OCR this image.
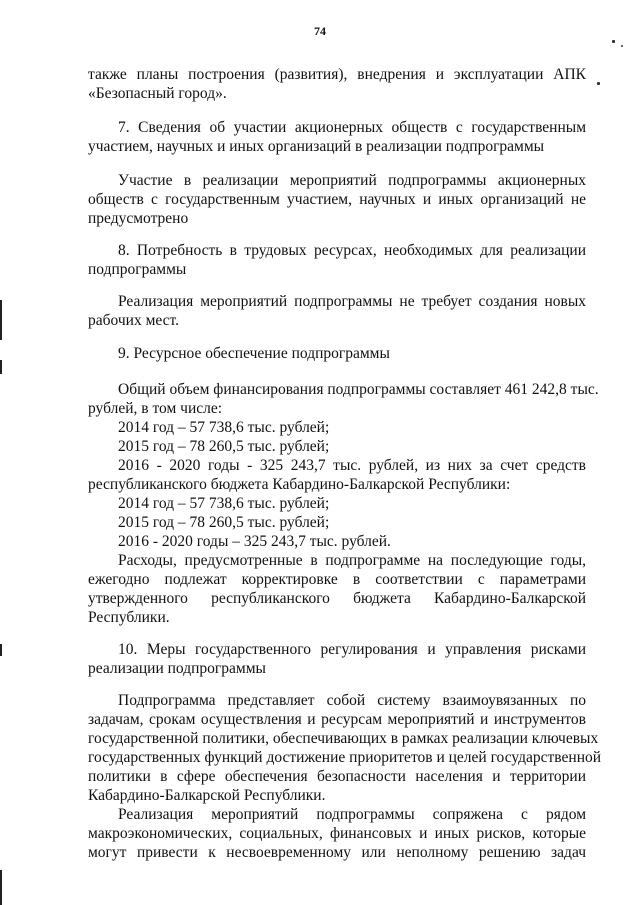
74
также планы построения (развития), внедрения и эксплуатации АПК
«Безопасный город».
7. Сведения об участии акционерных обществ с государственным
участием, научных и иных организаций в реализации подпрограммы
Участие в реализации мероприятий подпрограммы акционерных
обществ с государственным участием, научных и иных организаций не
предусмотрено
8. Потребность в трудовых ресурсах, необходимых для реализации
подпрограммы
Реализация мероприятий подпрограммы не требует создания новых
рабочих мест.
9. Ресурсное обеспечение подпрограммы
Общий объем финансирования подпрограммы составляет 461 242,8 тыс.
рублей, в том числе:
2014 год – 57 738,6 тыс. рублей;
2015 год – 78 260,5 тыс. рублей;
2016 - 2020 годы - 325 243,7 тыс. рублей, из них за счет средств
республиканского бюджета Кабардино-Балкарской Республики:
2014 год – 57 738,6 тыс. рублей;
2015 год – 78 260,5 тыс. рублей;
2016 - 2020 годы – 325 243,7 тыс. рублей.
Расходы, предусмотренные в подпрограмме на последующие годы,
ежегодно подлежат корректировке в соответствии с параметрами
утвержденного республиканского бюджета Кабардино-Балкарской
Республики.
10. Меры государственного регулирования и управления рисками
реализации подпрограммы
Подпрограмма представляет собой систему взаимоувязанных по
задачам, срокам осуществления и ресурсам мероприятий и инструментов
государственной политики, обеспечивающих в рамках реализации ключевых
государственных функций достижение приоритетов и целей государственной
политики в сфере обеспечения безопасности населения и территории
Кабардино-Балкарской Республики.
Реализация мероприятий подпрограммы сопряжена с рядом
макроэкономических, социальных, финансовых и иных рисков, которые
могут привести к несвоевременному или неполному решению задач
